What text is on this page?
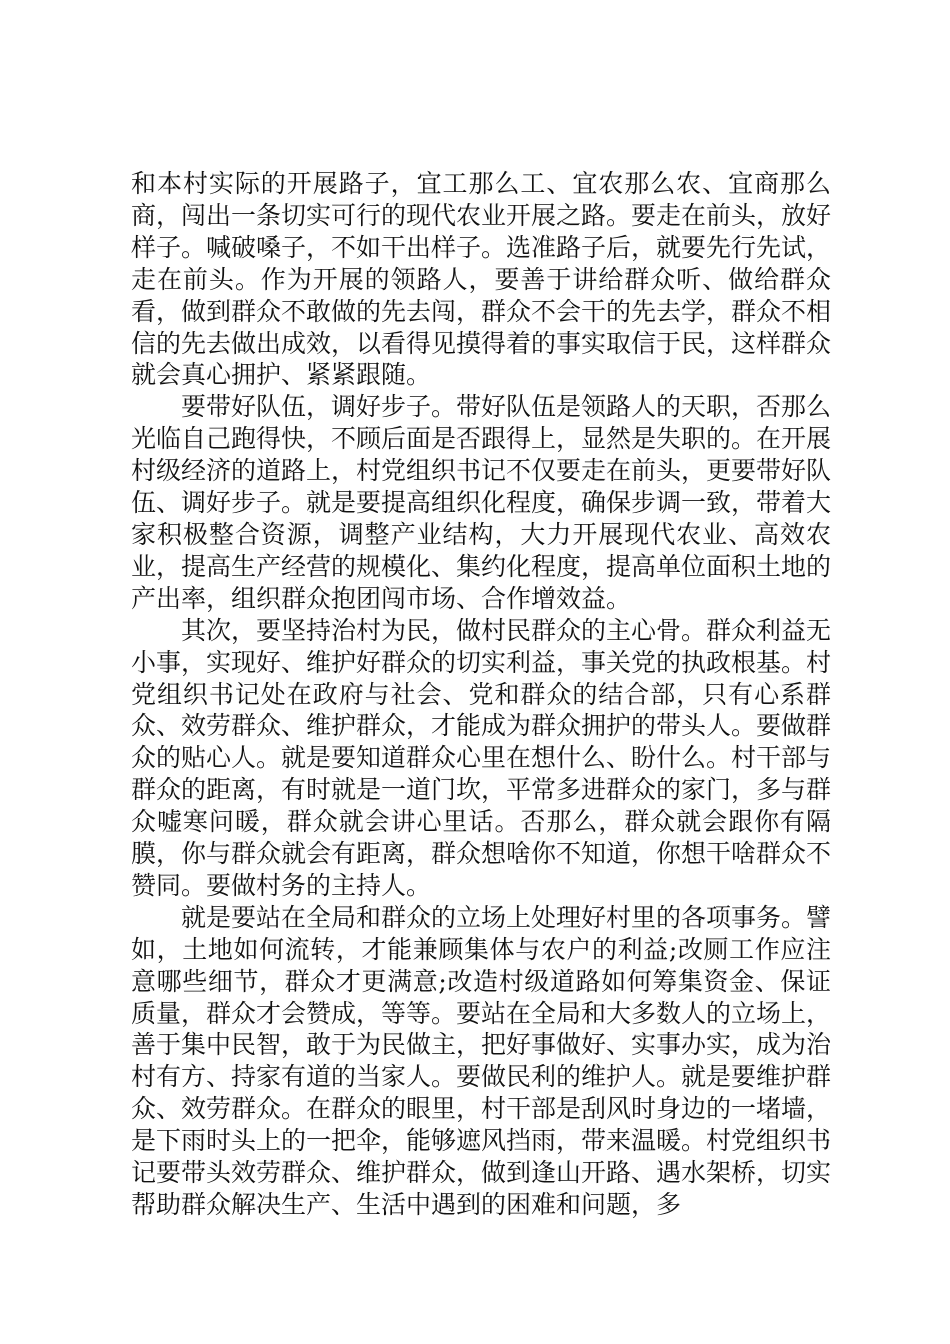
和本村实际的开展路子，宜工那么工、宜农那么农、宜商那么商，闯出一条切实可行的现代农业开展之路。要走在前头，放好样子。喊破嗓子，不如干出样子。选准路子后，就要先行先试，走在前头。作为开展的领路人，要善于讲给群众听、做给群众看，做到群众不敢做的先去闯，群众不会干的先去学，群众不相信的先去做出成效，以看得见摸得着的事实取信于民，这样群众就会真心拥护、紧紧跟随。

要带好队伍，调好步子。带好队伍是领路人的天职，否那么光临自己跑得快，不顾后面是否跟得上，显然是失职的。在开展村级经济的道路上，村党组织书记不仅要走在前头，更要带好队伍、调好步子。就是要提高组织化程度，确保步调一致，带着大家积极整合资源，调整产业结构，大力开展现代农业、高效农业，提高生产经营的规模化、集约化程度，提高单位面积土地的产出率，组织群众抱团闯市场、合作增效益。

其次，要坚持治村为民，做村民群众的主心骨。群众利益无小事，实现好、维护好群众的切实利益，事关党的执政根基。村党组织书记处在政府与社会、党和群众的结合部，只有心系群众、效劳群众、维护群众，才能成为群众拥护的带头人。要做群众的贴心人。就是要知道群众心里在想什么、盼什么。村干部与群众的距离，有时就是一道门坎，平常多进群众的家门，多与群众嘘寒问暖，群众就会讲心里话。否那么，群众就会跟你有隔膜，你与群众就会有距离，群众想啥你不知道，你想干啥群众不赞同。要做村务的主持人。

就是要站在全局和群众的立场上处理好村里的各项事务。譬如，土地如何流转，才能兼顾集体与农户的利益;改厕工作应注意哪些细节，群众才更满意;改造村级道路如何筹集资金、保证质量，群众才会赞成，等等。要站在全局和大多数人的立场上，善于集中民智，敢于为民做主，把好事做好、实事办实，成为治村有方、持家有道的当家人。要做民利的维护人。就是要维护群众、效劳群众。在群众的眼里，村干部是刮风时身边的一堵墙，是下雨时头上的一把伞，能够遮风挡雨，带来温暖。村党组织书记要带头效劳群众、维护群众，做到逢山开路、遇水架桥，切实帮助群众解决生产、生活中遇到的困难和问题，多
